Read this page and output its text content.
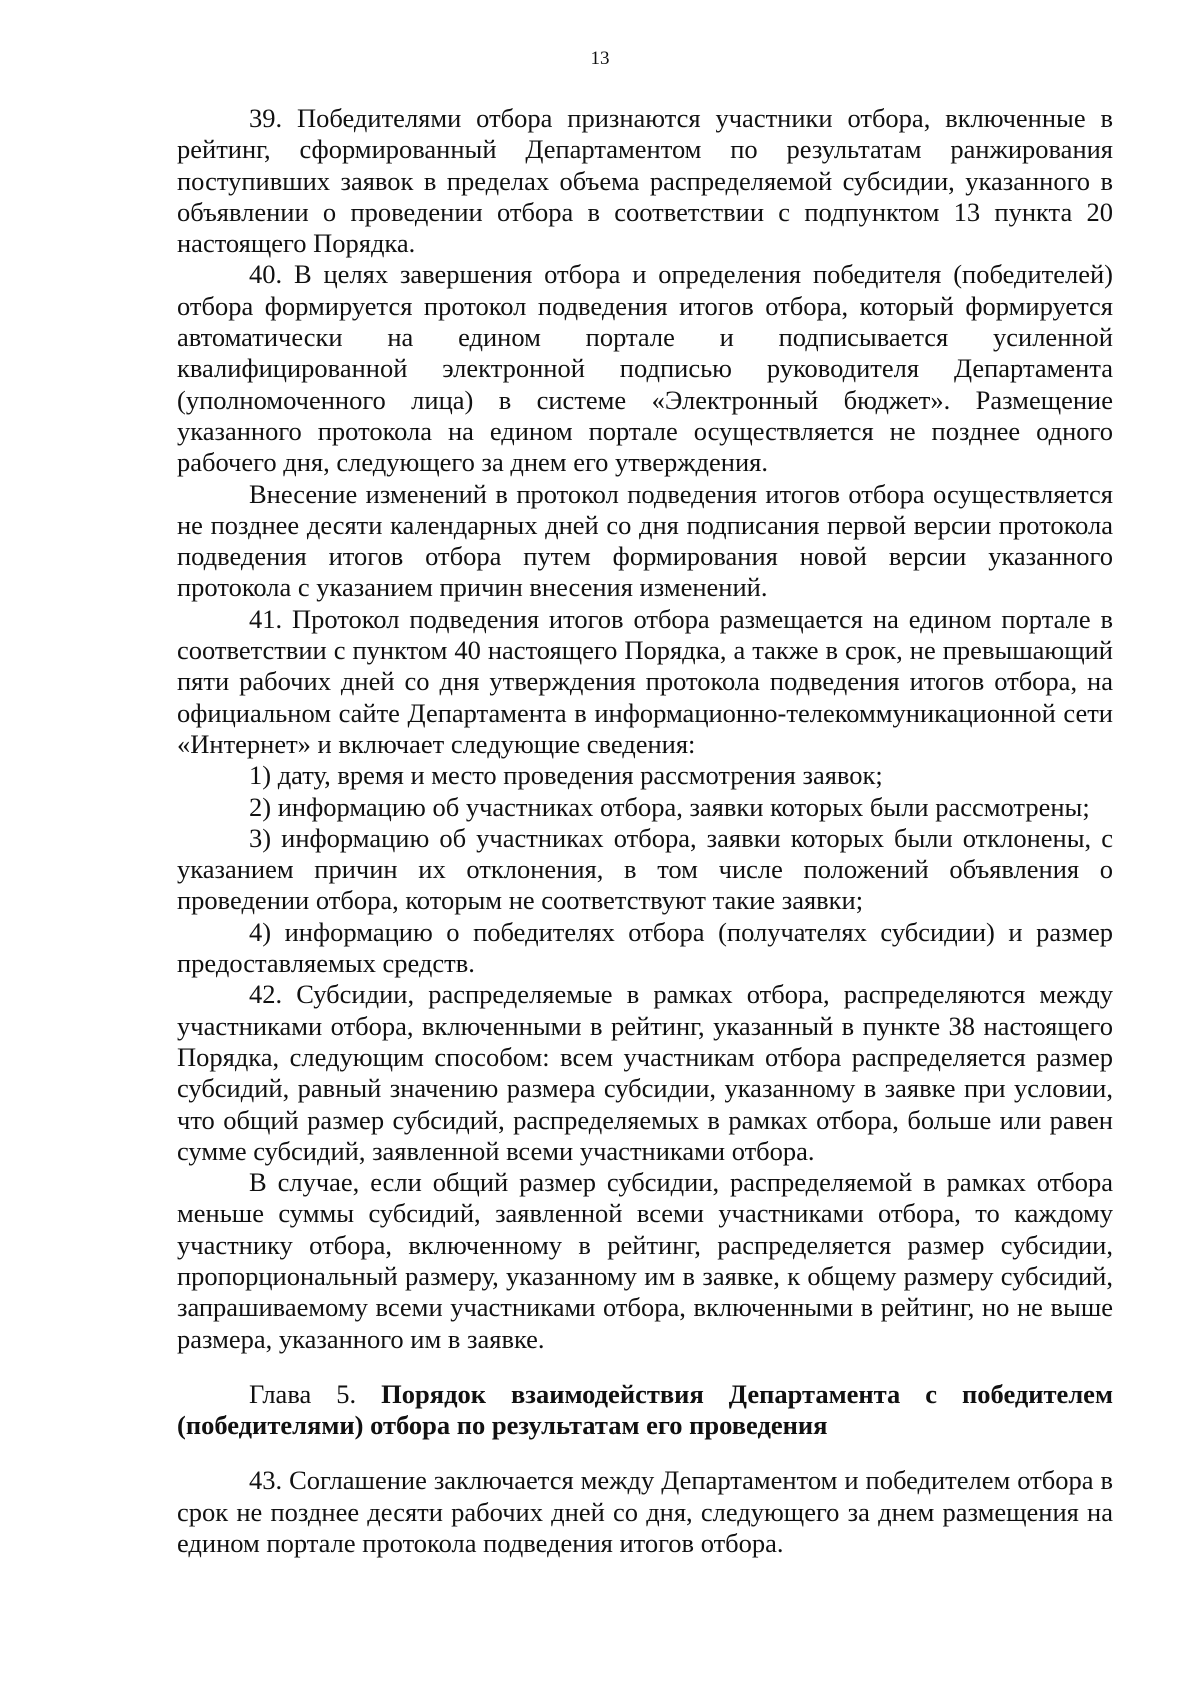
13

39. Победителями отбора признаются участники отбора, включенные в рейтинг, сформированный Департаментом по результатам ранжирования поступивших заявок в пределах объема распределяемой субсидии, указанного в объявлении о проведении отбора в соответствии с подпунктом 13 пункта 20 настоящего Порядка.

40. В целях завершения отбора и определения победителя (победителей) отбора формируется протокол подведения итогов отбора, который формируется автоматически на едином портале и подписывается усиленной квалифицированной электронной подписью руководителя Департамента (уполномоченного лица) в системе «Электронный бюджет». Размещение указанного протокола на едином портале осуществляется не позднее одного рабочего дня, следующего за днем его утверждения.

Внесение изменений в протокол подведения итогов отбора осуществляется не позднее десяти календарных дней со дня подписания первой версии протокола подведения итогов отбора путем формирования новой версии указанного протокола с указанием причин внесения изменений.

41. Протокол подведения итогов отбора размещается на едином портале в соответствии с пунктом 40 настоящего Порядка, а также в срок, не превышающий пяти рабочих дней со дня утверждения протокола подведения итогов отбора, на официальном сайте Департамента в информационно-телекоммуникационной сети «Интернет» и включает следующие сведения:

1) дату, время и место проведения рассмотрения заявок;

2) информацию об участниках отбора, заявки которых были рассмотрены;

3) информацию об участниках отбора, заявки которых были отклонены, с указанием причин их отклонения, в том числе положений объявления о проведении отбора, которым не соответствуют такие заявки;

4) информацию о победителях отбора (получателях субсидии) и размер предоставляемых средств.

42. Субсидии, распределяемые в рамках отбора, распределяются между участниками отбора, включенными в рейтинг, указанный в пункте 38 настоящего Порядка, следующим способом: всем участникам отбора распределяется размер субсидий, равный значению размера субсидии, указанному в заявке при условии, что общий размер субсидий, распределяемых в рамках отбора, больше или равен сумме субсидий, заявленной всеми участниками отбора.

В случае, если общий размер субсидии, распределяемой в рамках отбора меньше суммы субсидий, заявленной всеми участниками отбора, то каждому участнику отбора, включенному в рейтинг, распределяется размер субсидии, пропорциональный размеру, указанному им в заявке, к общему размеру субсидий, запрашиваемому всеми участниками отбора, включенными в рейтинг, но не выше размера, указанного им в заявке.

Глава 5. Порядок взаимодействия Департамента с победителем (победителями) отбора по результатам его проведения

43. Соглашение заключается между Департаментом и победителем отбора в срок не позднее десяти рабочих дней со дня, следующего за днем размещения на едином портале протокола подведения итогов отбора.
